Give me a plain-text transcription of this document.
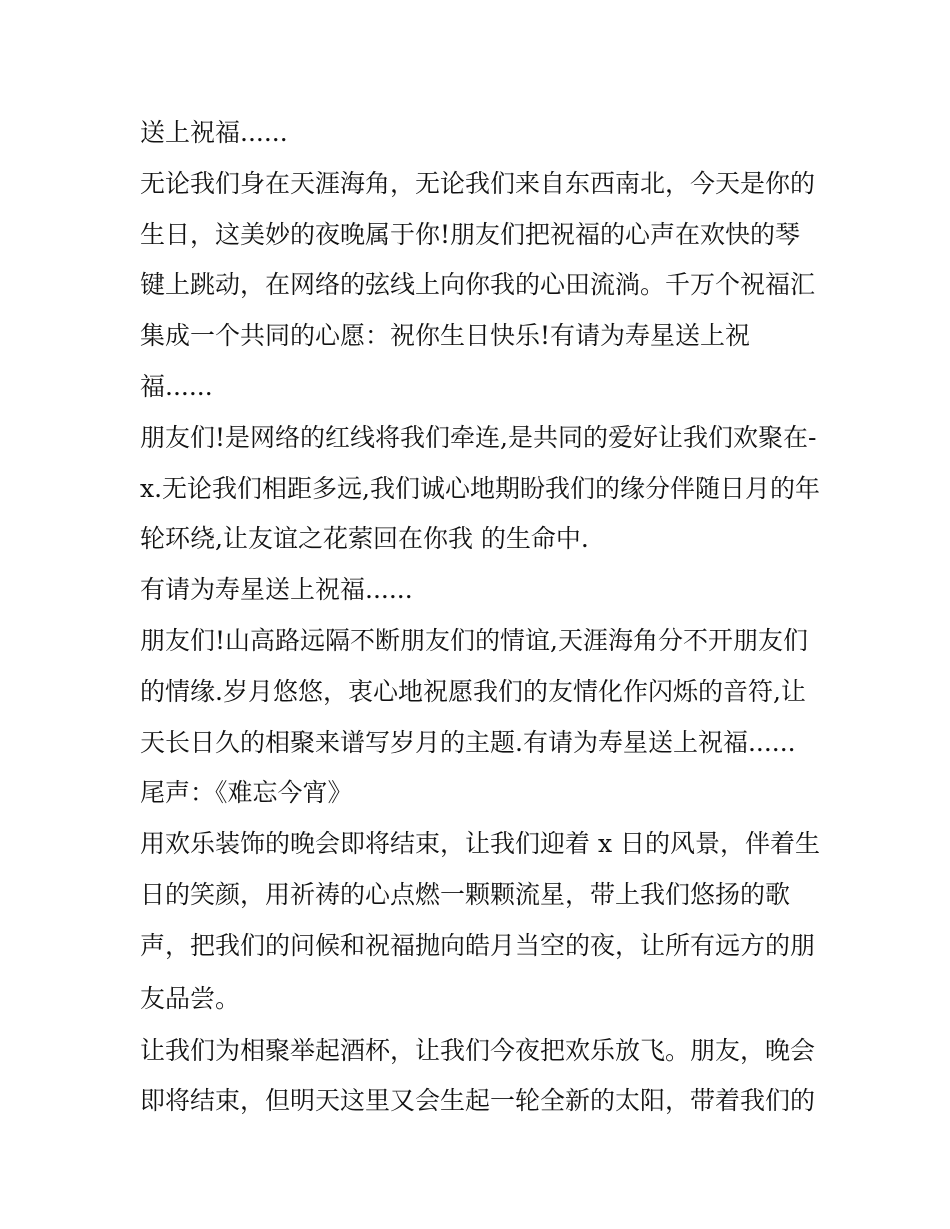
送上祝福......
无论我们身在天涯海角，无论我们来自东西南北，今天是你的
生日，这美妙的夜晚属于你!朋友们把祝福的心声在欢快的琴
键上跳动，在网络的弦线上向你我的心田流淌。千万个祝福汇
集成一个共同的心愿：祝你生日快乐!有请为寿星送上祝
福......
朋友们!是网络的红线将我们牵连,是共同的爱好让我们欢聚在-
x.无论我们相距多远,我们诚心地期盼我们的缘分伴随日月的年
轮环绕,让友谊之花萦回在你我 的生命中.
有请为寿星送上祝福......
朋友们!山高路远隔不断朋友们的情谊,天涯海角分不开朋友们
的情缘.岁月悠悠，衷心地祝愿我们的友情化作闪烁的音符,让
天长日久的相聚来谱写岁月的主题.有请为寿星送上祝福......
尾声：《难忘今宵》
用欢乐装饰的晚会即将结束，让我们迎着 x 日的风景，伴着生
日的笑颜，用祈祷的心点燃一颗颗流星，带上我们悠扬的歌
声，把我们的问候和祝福抛向皓月当空的夜，让所有远方的朋
友品尝。
让我们为相聚举起酒杯，让我们今夜把欢乐放飞。朋友，晚会
即将结束，但明天这里又会生起一轮全新的太阳，带着我们的
